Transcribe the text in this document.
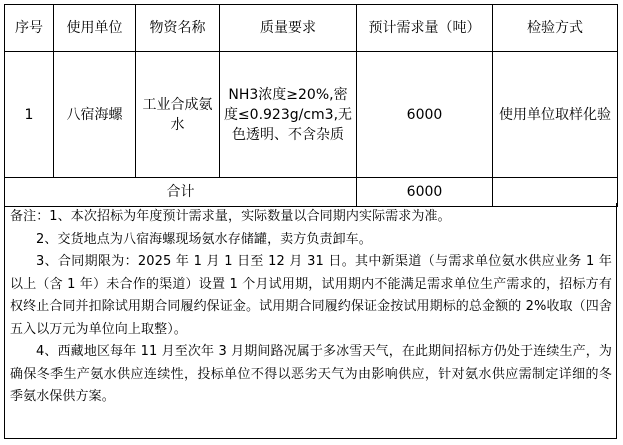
序号	使用单位	物资名称	质量要求	预计需求量（吨）	检验方式
1	八宿海螺	工业合成氨水	NH3浓度≥20%,密度≤0.923g/cm3,无色透明、不含杂质	6000	使用单位取样化验
合计				6000	

备注：1、本次招标为年度预计需求量，实际数量以合同期内实际需求为准。

2、交货地点为八宿海螺现场氨水存储罐，卖方负责卸车。

3、合同期限为：2025 年 1 月 1 日至 12 月 31 日。其中新渠道（与需求单位氨水供应业务 1 年以上（含 1 年）未合作的渠道）设置 1 个月试用期，试用期内不能满足需求单位生产需求的，招标方有权终止合同并扣除试用期合同履约保证金。试用期合同履约保证金按试用期标的总金额的 2%收取（四舍五入以万元为单位向上取整）。

4、西藏地区每年 11 月至次年 3 月期间路况属于多冰雪天气，在此期间招标方仍处于连续生产，为确保冬季生产氨水供应连续性，投标单位不得以恶劣天气为由影响供应，针对氨水供应需制定详细的冬季氨水保供方案。
